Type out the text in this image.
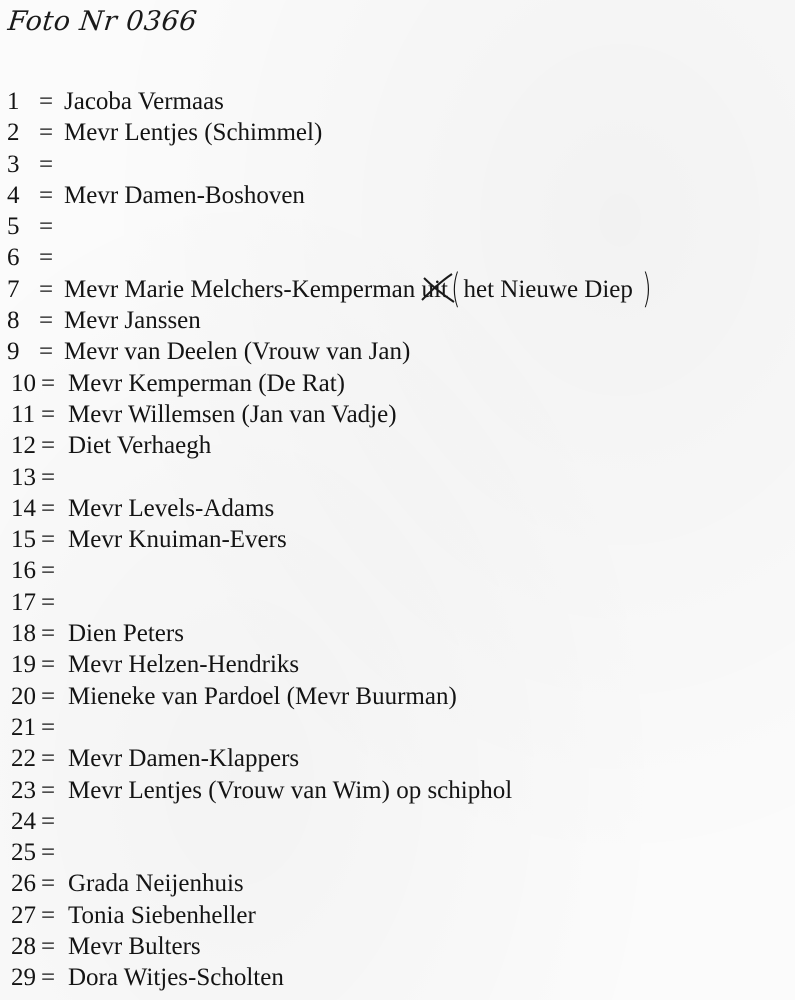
Foto Nr 0366
1 = Jacoba Vermaas
2 = Mevr Lentjes (Schimmel)
3 =
4 = Mevr Damen-Boshoven
5 =
6 =
7 = Mevr Marie Melchers-Kemperman uit
( het Nieuwe Diep )
8 = Mevr Janssen
9 = Mevr van Deelen (Vrouw van Jan)
10 = Mevr Kemperman (De Rat)
11 = Mevr Willemsen (Jan van Vadje)
12 = Diet Verhaegh
13 =
14 = Mevr Levels-Adams
15 = Mevr Knuiman-Evers
16 =
17 =
18 = Dien Peters
19 = Mevr Helzen-Hendriks
20 = Mieneke van Pardoel (Mevr Buurman)
21 =
22 = Mevr Damen-Klappers
23 = Mevr Lentjes (Vrouw van Wim) op schiphol
24 =
25 =
26 = Grada Neijenhuis
27 = Tonia Siebenheller
28 = Mevr Bulters
29 = Dora Witjes-Scholten
